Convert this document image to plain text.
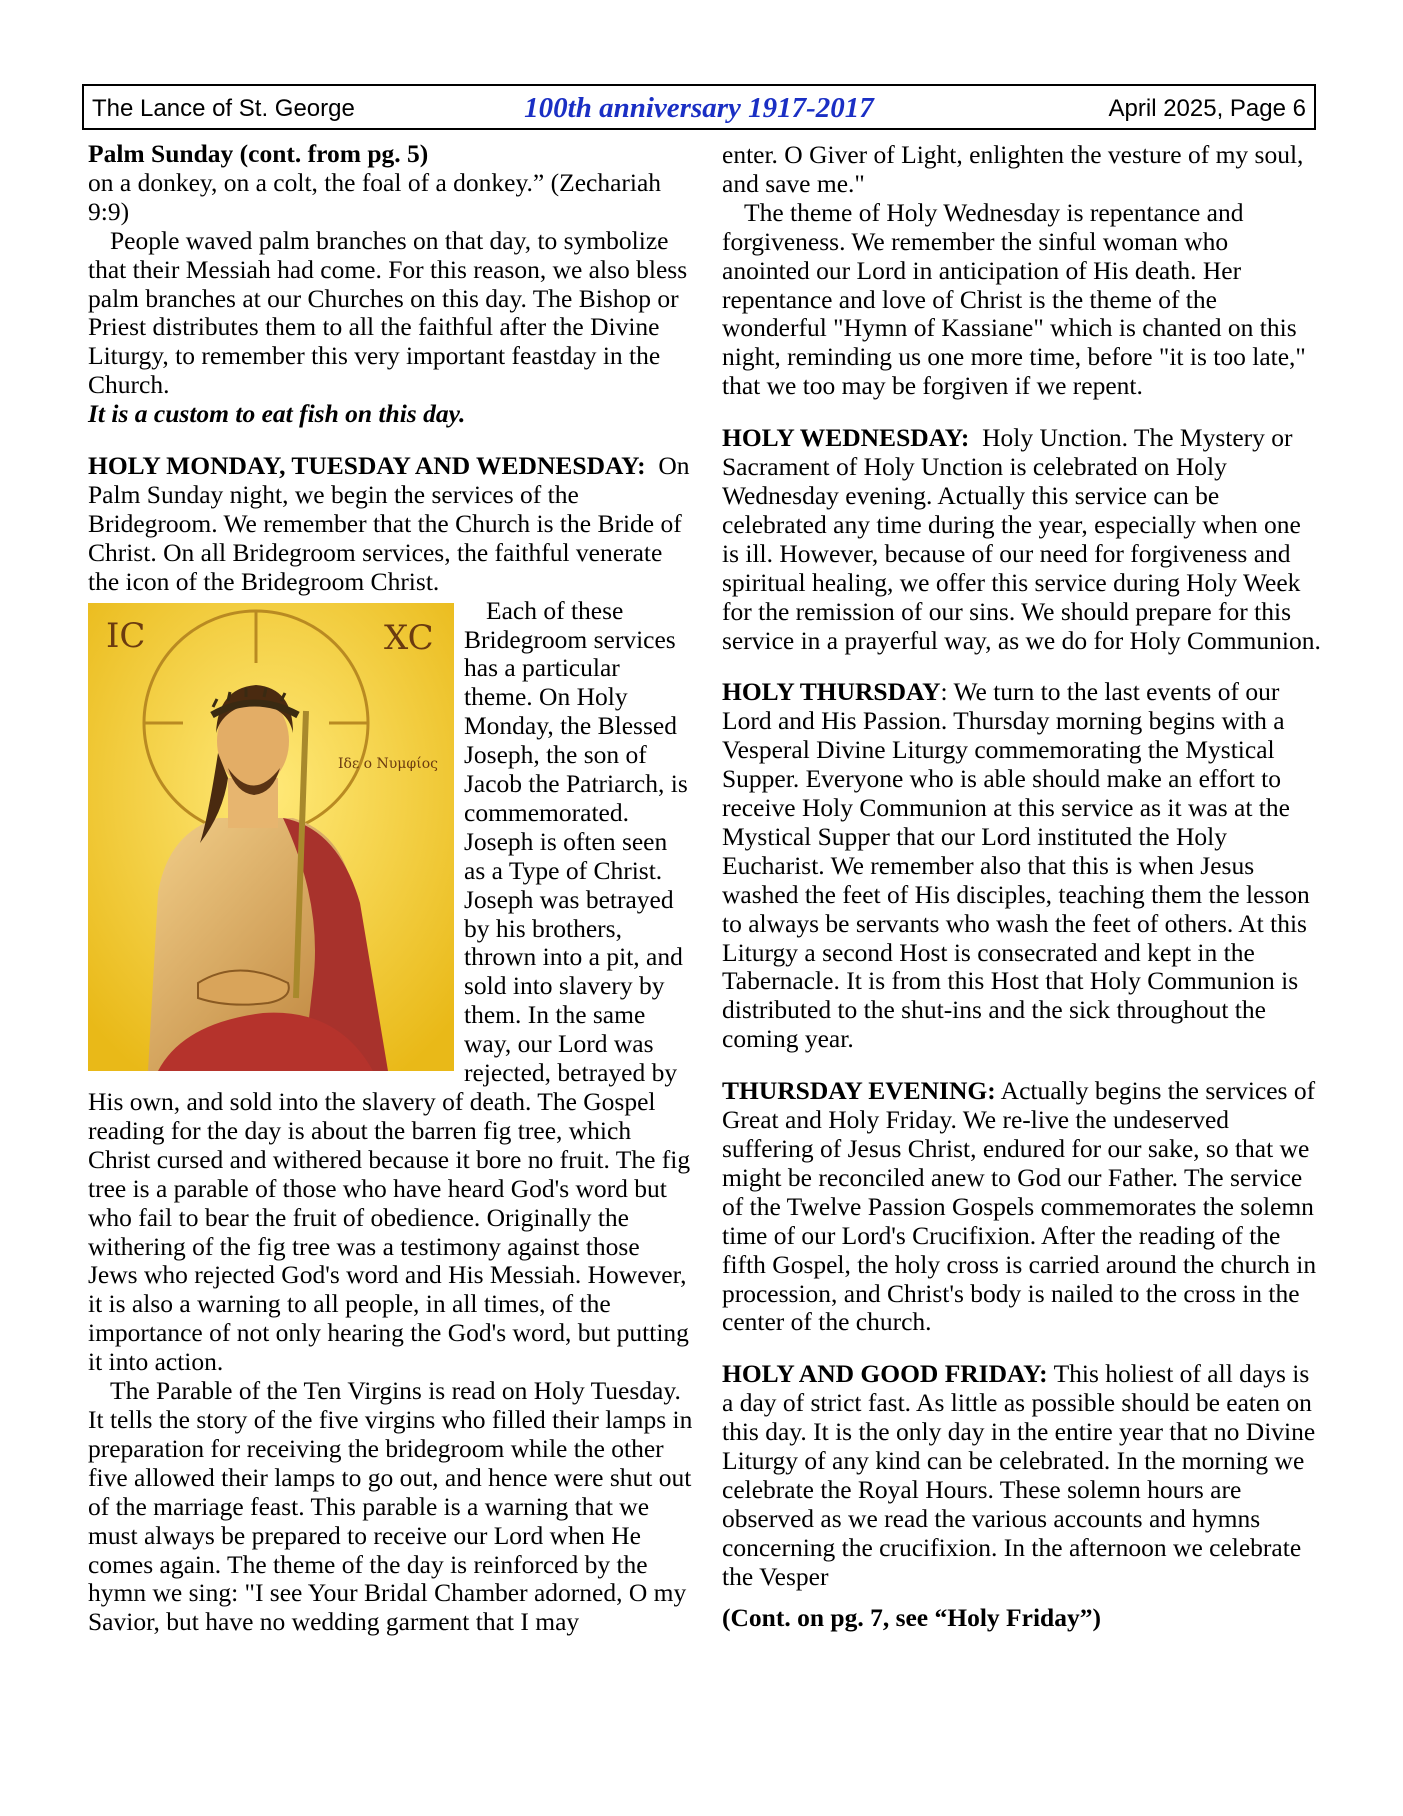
The Lance of St. George	100th anniversary 1917-2017	April 2025, Page 6

Palm Sunday (cont. from pg. 5)

on a donkey, on a colt, the foal of a donkey.” (Zechariah 9:9)

People waved palm branches on that day, to symbolize that their Messiah had come. For this reason, we also bless palm branches at our Churches on this day. The Bishop or Priest distributes them to all the faithful after the Divine Liturgy, to remember this very important feastday in the Church.

It is a custom to eat fish on this day.

HOLY MONDAY, TUESDAY AND WEDNESDAY: On Palm Sunday night, we begin the services of the Bridegroom. We remember that the Church is the Bride of Christ. On all Bridegroom services, the faithful venerate the icon of the Bridegroom Christ.

IC	XC
Ιδε ο Νυμφίος

Each of these Bridegroom services has a particular theme. On Holy Monday, the Blessed Joseph, the son of Jacob the Patriarch, is commemorated. Joseph is often seen as a Type of Christ. Joseph was betrayed by his brothers, thrown into a pit, and sold into slavery by them. In the same way, our Lord was rejected, betrayed by His own, and sold into the slavery of death. The Gospel reading for the day is about the barren fig tree, which Christ cursed and withered because it bore no fruit. The fig tree is a parable of those who have heard God's word but who fail to bear the fruit of obedience. Originally the withering of the fig tree was a testimony against those Jews who rejected God's word and His Messiah. However, it is also a warning to all people, in all times, of the importance of not only hearing the God's word, but putting it into action.

The Parable of the Ten Virgins is read on Holy Tuesday. It tells the story of the five virgins who filled their lamps in preparation for receiving the bridegroom while the other five allowed their lamps to go out, and hence were shut out of the marriage feast. This parable is a warning that we must always be prepared to receive our Lord when He comes again. The theme of the day is reinforced by the hymn we sing: "I see Your Bridal Chamber adorned, O my Savior, but have no wedding garment that I may

enter. O Giver of Light, enlighten the vesture of my soul, and save me."

The theme of Holy Wednesday is repentance and forgiveness. We remember the sinful woman who anointed our Lord in anticipation of His death. Her repentance and love of Christ is the theme of the wonderful "Hymn of Kassiane" which is chanted on this night, reminding us one more time, before "it is too late," that we too may be forgiven if we repent.

HOLY WEDNESDAY: Holy Unction. The Mystery or Sacrament of Holy Unction is celebrated on Holy Wednesday evening. Actually this service can be celebrated any time during the year, especially when one is ill. However, because of our need for forgiveness and spiritual healing, we offer this service during Holy Week for the remission of our sins. We should prepare for this service in a prayerful way, as we do for Holy Communion.

HOLY THURSDAY: We turn to the last events of our Lord and His Passion. Thursday morning begins with a Vesperal Divine Liturgy commemorating the Mystical Supper. Everyone who is able should make an effort to receive Holy Communion at this service as it was at the Mystical Supper that our Lord instituted the Holy Eucharist. We remember also that this is when Jesus washed the feet of His disciples, teaching them the lesson to always be servants who wash the feet of others. At this Liturgy a second Host is consecrated and kept in the Tabernacle. It is from this Host that Holy Communion is distributed to the shut-ins and the sick throughout the coming year.

THURSDAY EVENING: Actually begins the services of Great and Holy Friday. We re-live the undeserved suffering of Jesus Christ, endured for our sake, so that we might be reconciled anew to God our Father. The service of the Twelve Passion Gospels commemorates the solemn time of our Lord's Crucifixion. After the reading of the fifth Gospel, the holy cross is carried around the church in procession, and Christ's body is nailed to the cross in the center of the church.

HOLY AND GOOD FRIDAY: This holiest of all days is a day of strict fast. As little as possible should be eaten on this day. It is the only day in the entire year that no Divine Liturgy of any kind can be celebrated. In the morning we celebrate the Royal Hours. These solemn hours are observed as we read the various accounts and hymns concerning the crucifixion. In the afternoon we celebrate the Vesper

(Cont. on pg. 7, see “Holy Friday”)
